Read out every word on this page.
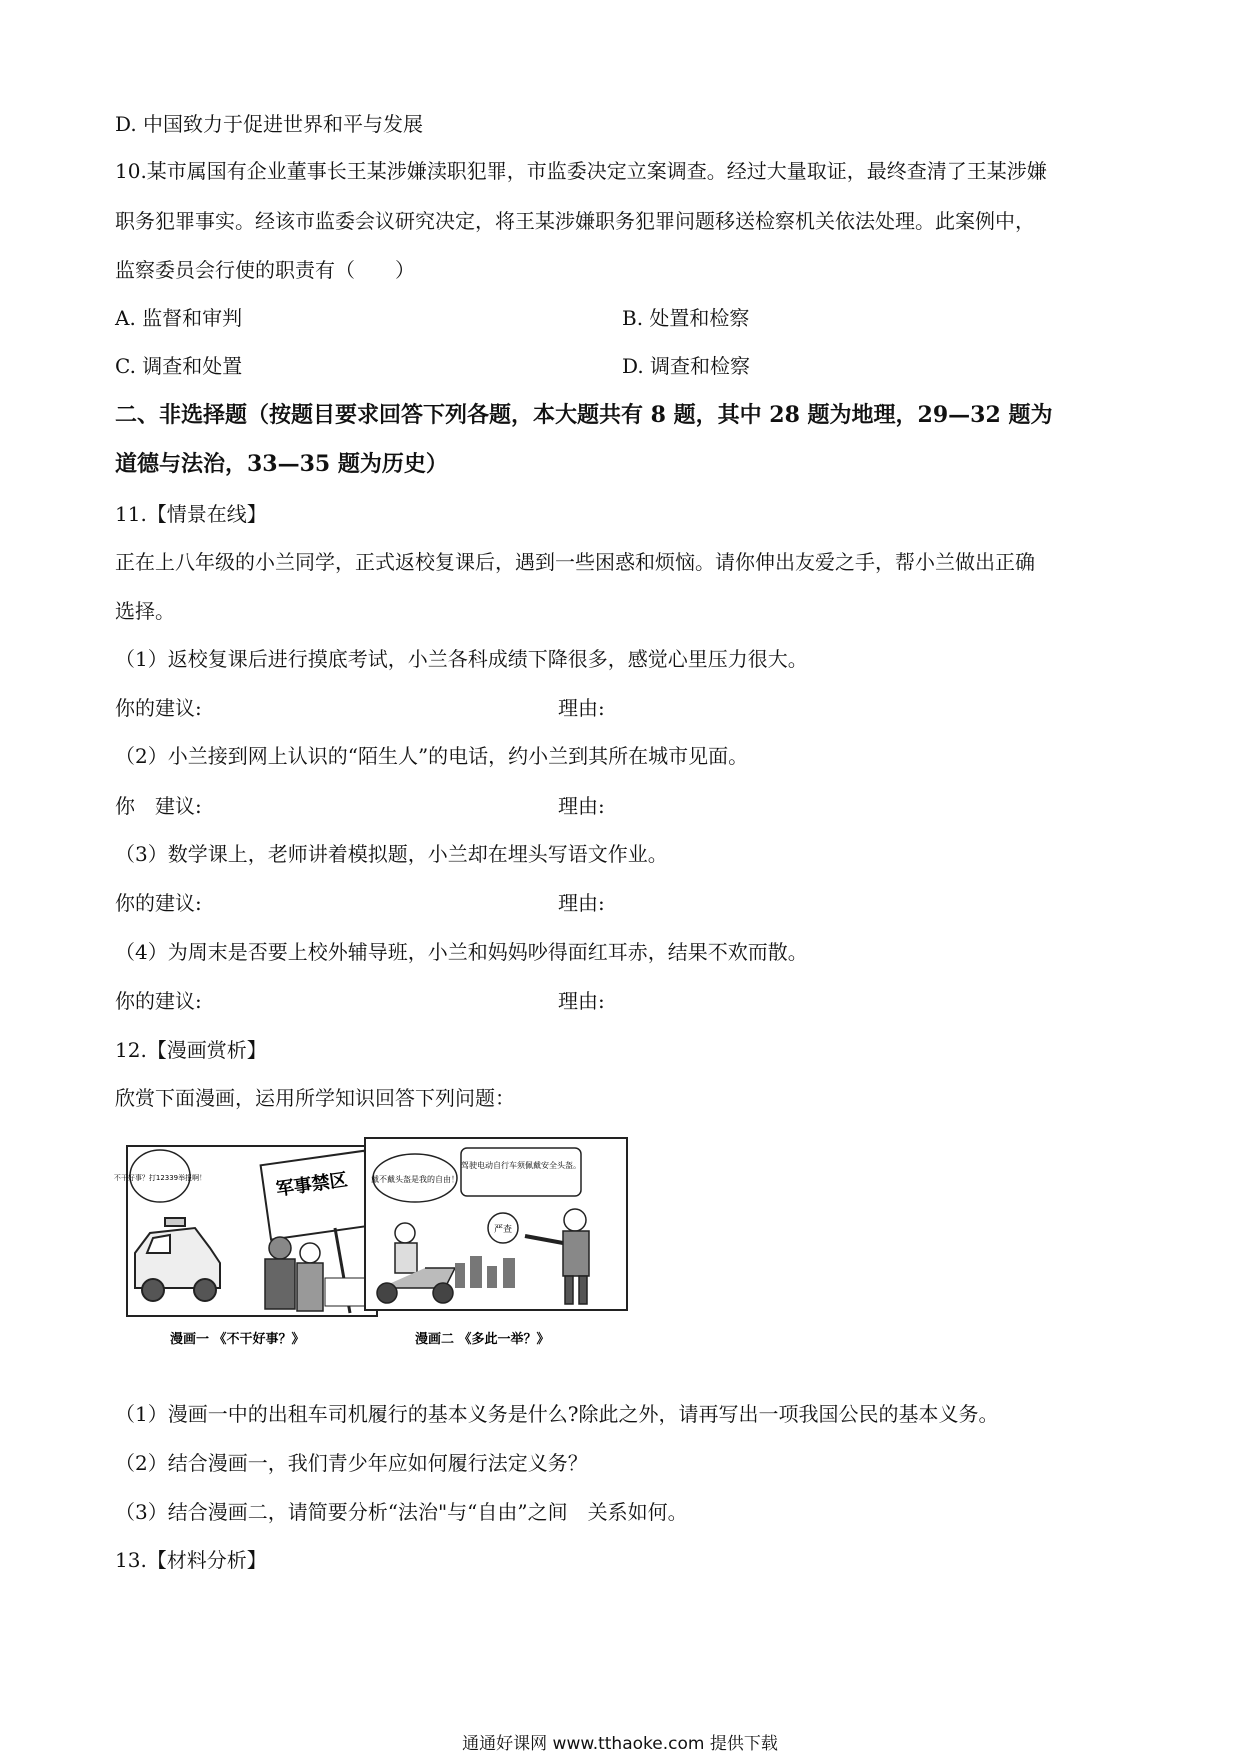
D. 中国致力于促进世界和平与发展
10.某市属国有企业董事长王某涉嫌渎职犯罪，市监委决定立案调查。经过大量取证，最终查清了王某涉嫌
职务犯罪事实。经该市监委会议研究决定，将王某涉嫌职务犯罪问题移送检察机关依法处理。此案例中，
监察委员会行使的职责有（　　）
A. 监督和审判	B. 处置和检察
C. 调查和处置	D. 调查和检察
二、非选择题（按题目要求回答下列各题，本大题共有 8 题，其中 28 题为地理，29—32 题为
道德与法治，33—35 题为历史）
11.【情景在线】
正在上八年级的小兰同学，正式返校复课后，遇到一些困惑和烦恼。请你伸出友爱之手，帮小兰做出正确
选择。
（1）返校复课后进行摸底考试，小兰各科成绩下降很多，感觉心里压力很大。
你的建议:	理由:
（2）小兰接到网上认识的“陌生人”的电话，约小兰到其所在城市见面。
你　建议:	理由:
（3）数学课上，老师讲着模拟题，小兰却在埋头写语文作业。
你的建议:	理由:
（4）为周末是否要上校外辅导班，小兰和妈妈吵得面红耳赤，结果不欢而散。
你的建议:	理由:
12.【漫画赏析】
欣赏下面漫画，运用所学知识回答下列问题：
不干好事？打12339举报啊！	军事禁区
驾驶电动自行车须佩戴安全头盔。
戴不戴头盔是我的自由！
严查
漫画一 《不干好事？》	漫画二 《多此一举？》
（1）漫画一中的出租车司机履行的基本义务是什么?除此之外，请再写出一项我国公民的基本义务。
（2）结合漫画一，我们青少年应如何履行法定义务？
（3）结合漫画二，请简要分析“法治"与“自由”之间　关系如何。
13.【材料分析】
通通好课网 www.tthaoke.com 提供下载
